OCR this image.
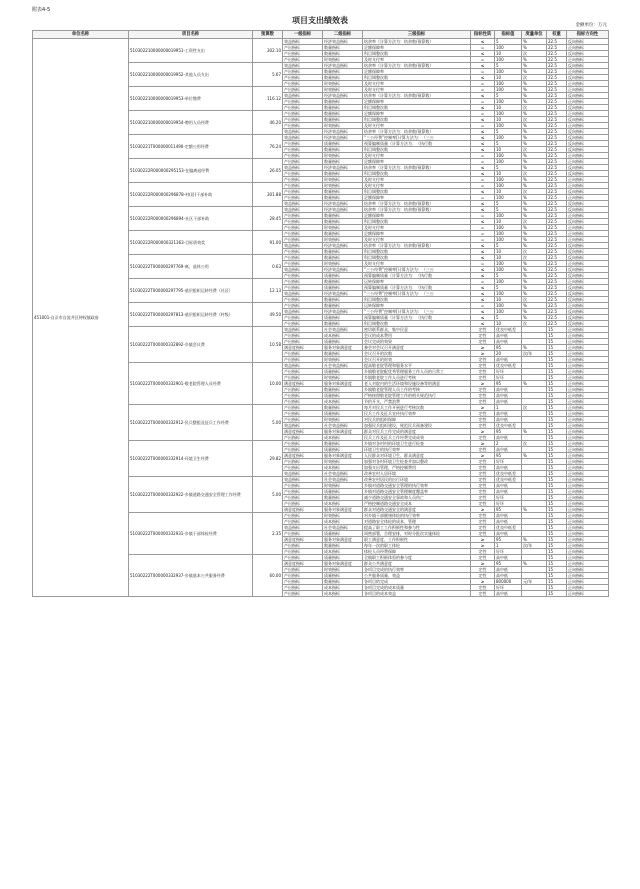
附表4-5
项目支出绩效表
金额单位：万元
单位名称	项目名称	预算数	一级指标	二级指标	三级指标	指标性质	指标值	度量单位	权重	指标方向性
451001-自贡市自流井区仲权镇政府	510302210000000019951-工资性支出	302.10	效益指标	经济效益指标	结余率（计算方法为：结余数/预算数）	≤	5	%	22.5	反向指标
			产出指标	数量指标	足额保障率	=	100	%	22.5	正向指标
			产出指标	数量指标	科目调整次数	≤	10	次	22.5	反向指标
			产出指标	时效指标	及时支付率	=	100	%	22.5	正向指标
	510302210000000019952-其他人员支出	5.67	效益指标	经济效益指标	结余率（计算方法为：结余数/预算数）	≤	5	%	22.5	反向指标
			产出指标	数量指标	足额保障率	=	100	%	22.5	正向指标
			产出指标	数量指标	科目调整次数	≤	10	次	22.5	反向指标
			产出指标	时效指标	及时支付率	=	100	%	22.5	正向指标
	510302210000000019953-单位缴费	116.12	产出指标	时效指标	及时支付率	=	100	%	22.5	正向指标
			效益指标	经济效益指标	结余率（计算方法为：结余数/预算数）	≤	5	%	22.5	反向指标
			产出指标	数量指标	足额保障率	=	100	%	22.5	正向指标
			产出指标	数量指标	科目调整次数	≤	10	次	22.5	反向指标
	510302210000000019954-聘用人员经费	46.20	产出指标	数量指标	足额保障率	=	100	%	22.5	正向指标
			产出指标	数量指标	科目调整次数	≤	10	次	22.5	反向指标
			产出指标	时效指标	及时支付率	=	100	%	22.5	正向指标
			效益指标	经济效益指标	结余率（计算方法为：结余数/预算数）	≤	5	%	22.5	反向指标
	51030221T000000011490-定额公用经费	76.24	效益指标	经济效益指标	“三公经费”控制率[计算方法为：（三公	≤	100	%	22.5	反向指标
			产出指标	质量指标	预算编制质量（计算方法为：（执行数	≤	5	%	22.5	反向指标
			产出指标	数量指标	科目调整次数	≤	10	次	22.5	反向指标
			产出指标	时效指标	及时支付率	=	100	%	22.5	正向指标
	51030222R000000295153-在编离退经费	26.05	产出指标	数量指标	足额保障率	=	100	%	22.5	正向指标
			效益指标	经济效益指标	结余率（计算方法为：结余数/预算数）	≤	5	%	22.5	反向指标
			产出指标	数量指标	科目调整次数	≤	10	次	22.5	反向指标
			产出指标	时效指标	及时支付率	=	100	%	22.5	正向指标
	51030222R000000296878-村(居)干部补助	301.88	产出指标	时效指标	及时支付率	=	100	%	22.5	正向指标
			产出指标	数量指标	科目调整次数	≤	10	次	22.5	反向指标
			产出指标	数量指标	足额保障率	=	100	%	22.5	正向指标
			效益指标	经济效益指标	结余率（计算方法为：结余数/预算数）	≤	5	%	22.5	反向指标
	51030222R000000296894-社区干部补助	28.45	效益指标	经济效益指标	结余率（计算方法为：结余数/预算数）	≤	5	%	22.5	反向指标
			产出指标	数量指标	足额保障率	=	100	%	22.5	正向指标
			产出指标	数量指标	科目调整次数	≤	10	次	22.5	反向指标
			产出指标	时效指标	及时支付率	=	100	%	22.5	正向指标
	51030222R000000321363-目标绩效奖	91.00	产出指标	数量指标	足额保障率	=	100	%	22.5	正向指标
			产出指标	时效指标	及时支付率	=	100	%	22.5	正向指标
			效益指标	经济效益指标	结余率（计算方法为：结余数/预算数）	≤	5	%	22.5	反向指标
			产出指标	数量指标	科目调整次数	≤	10	次	22.5	反向指标
	51030222T000000297769-离、退休公用	0.63	产出指标	数量指标	科目调整次数	≤	10	次	22.5	反向指标
			产出指标	时效指标	及时支付率	=	100	%	22.5	正向指标
			效益指标	经济效益指标	“三公经费”控制率[计算方法为：（三公	≤	100	%	22.5	反向指标
			产出指标	质量指标	预算编制质量（计算方法为：（执行数	≤	5	%	22.5	反向指标
	51030222T000000297795-基层组织运转经费（社区）	12.13	产出指标	数量指标	运转保障率	=	100	%	22.5	正向指标
			产出指标	质量指标	预算编制质量（计算方法为：（执行数	≤	5	%	22.5	反向指标
			效益指标	经济效益指标	“三公经费”控制率[计算方法为：（三公	≤	100	%	22.5	反向指标
			产出指标	数量指标	科目调整次数	≤	10	次	22.5	反向指标
	51030222T000000297813-基层组织运转经费（村级）	49.50	产出指标	数量指标	运转保障率	=	100	%	22.5	正向指标
			效益指标	经济效益指标	“三公经费”控制率[计算方法为：（三公	≤	100	%	22.5	反向指标
			产出指标	质量指标	预算编制质量（计算方法为：（执行数	≤	5	%	22.5	反向指标
			产出指标	数量指标	科目调整次数	≤	10	次	22.5	反向指标
	51030222T000000332892-乡镇会议费	10.58	效益指标	社会效益指标	密切联系群众，集中民意	定性	优良中低差		15	正向指标
			产出指标	成本指标	会议的成本费用	定性	高中低		15	正向指标
			产出指标	质量指标	会议完成的效果	定性	高中低		15	正向指标
			满意度指标	服务对象满意度	参会对会议召开满意度	≥	95	%	15	正向指标
			产出指标	数量指标	会议召开的次数	≥	20	次/年	15	正向指标
			产出指标	时效指标	会议召开的时效	定性	高中低		15	正向指标
	51030222T000000332901-敬老院管理人员经费	10.00	效益指标	社会效益指标	提高敬老院管理和服务水平	定性	优良中低差		15	正向指标
			产出指标	质量指标	乡镇敬老院配优秀管理服务工作人员的日常工	定性	好坏		15	正向指标
			产出指标	时效指标	乡镇敬老院工作人员进行考核	定性	好坏		15	正向指标
			满意度指标	服务对象满意度	老人对院内的生活环境和设施设备等的满意	≥	95	%	15	正向指标
			产出指标	数量指标	乡镇敬老院管理人员工作的考核	定性	高中低		15	正向指标
			产出指标	质量指标	严格按照敬老院管理工作的相关规范执行	定性	高中低		15	正向指标
			产出指标	成本指标	节约开支，严禁浪费	定性	高中低		15	正向指标
	51030222T000000332912-民兵整组及征兵工作经费	5.00	产出指标	数量指标	每月对民兵工作开展进行考核次数	≥	1	次	15	正向指标
			产出指标	质量指标	民兵工作及征兵宣传执行效率	定性	高中低		15	正向指标
			产出指标	时效指标	对民兵的组织保障	定性	高中低		15	正向指标
			效益指标	社会效益指标	加强民兵组织建设，规范民兵预备建设	定性	优良中低差		15	正向指标
			满意度指标	服务对象满意度	群众对民兵工作完成的满意度	≥	95	%	15	正向指标
			产出指标	成本指标	民兵工作及征兵工作经费完成成效	定性	高中低		15	正向指标
	51030222T000000332914-环境卫生经费	29.82	产出指标	数量指标	乡镇对各村村的环境卫生进行检查	≥	2	次	15	正向指标
			产出指标	质量指标	环境卫生的执行效率	定性	高中低		15	正向指标
			满意度指标	服务对象满意度	人民群众对环境卫生、群众满意度	≥	95	%	15	正向指标
			产出指标	时效指标	加强对各村环境卫生检查并加以整改	定性	好坏		15	正向指标
			产出指标	成本指标	加强支出管理，严格控制费用	定性	高中低		15	正向指标
			效益指标	社会效益指标	改善农村人居环境	定性	优良中低差		15	正向指标
	51030222T000000332922-乡镇道路交通安全管理工作经费	5.00	效益指标	社会效益指标	改善农村居民的出行环境	定性	优良中低差		15	正向指标
			产出指标	时效指标	乡镇对道路交通安全管理的执行效率	定性	高中低		15	正向指标
			产出指标	质量指标	乡镇对道路交通安全管理制度覆盖率	定性	高中低		15	正向指标
			产出指标	数量指标	减少道路交通安全事故和人员伤亡	定性	好坏		15	正向指标
			产出指标	成本指标	严格控制道路交通安全成本	定性	好坏		15	正向指标
			满意度指标	服务对象满意度	群众对道路交通安全的满意度	≥	95	%	15	正向指标
	51030222T000000332931-乡镇干部体检经费	2.35	产出指标	时效指标	对乡镇干部健康体检的执行效率	定性	高中低		15	正向指标
			产出指标	成本指标	对道路安全体检的成本、管理	定性	高中低		15	正向指标
			效益指标	社会效益指标	提高了职工工作积极性和参与性	定性	优良中低差		15	正向指标
			产出指标	质量指标	周密部署，合理安排，对时分批次实施体检	定性	高中低		15	正向指标
			满意度指标	服务对象满意度	职工满意度、工作积极性	≥	95	%	15	正向指标
			产出指标	数量指标	每年一次的职工体检	≥	1	次/年	15	正向指标
			产出指标	成本指标	体检人员经费保障	定性	好坏		15	正向指标
	51030222T000000332937-乡镇基本公共服务经费	60.00	产出指标	质量指标	全镇职工积极体验的参与度	定性	高中低		15	正向指标
			满意度指标	服务对象满意度	群众公共满意度	≥	95	%	15	正向指标
			产出指标	时效指标	各项目完成的执行效率	定性	高中低		15	正向指标
			产出指标	质量指标	公共服务质量、效益	定性	高中低		15	正向指标
			产出指标	数量指标	各项目的完成	≥	800000	元/年	15	正向指标
			产出指标	成本指标	各项目完成的成本质量	定性	好坏		15	正向指标
			产出指标	成本指标	各项目的成本效益	定性	高中低		15	正向指标
